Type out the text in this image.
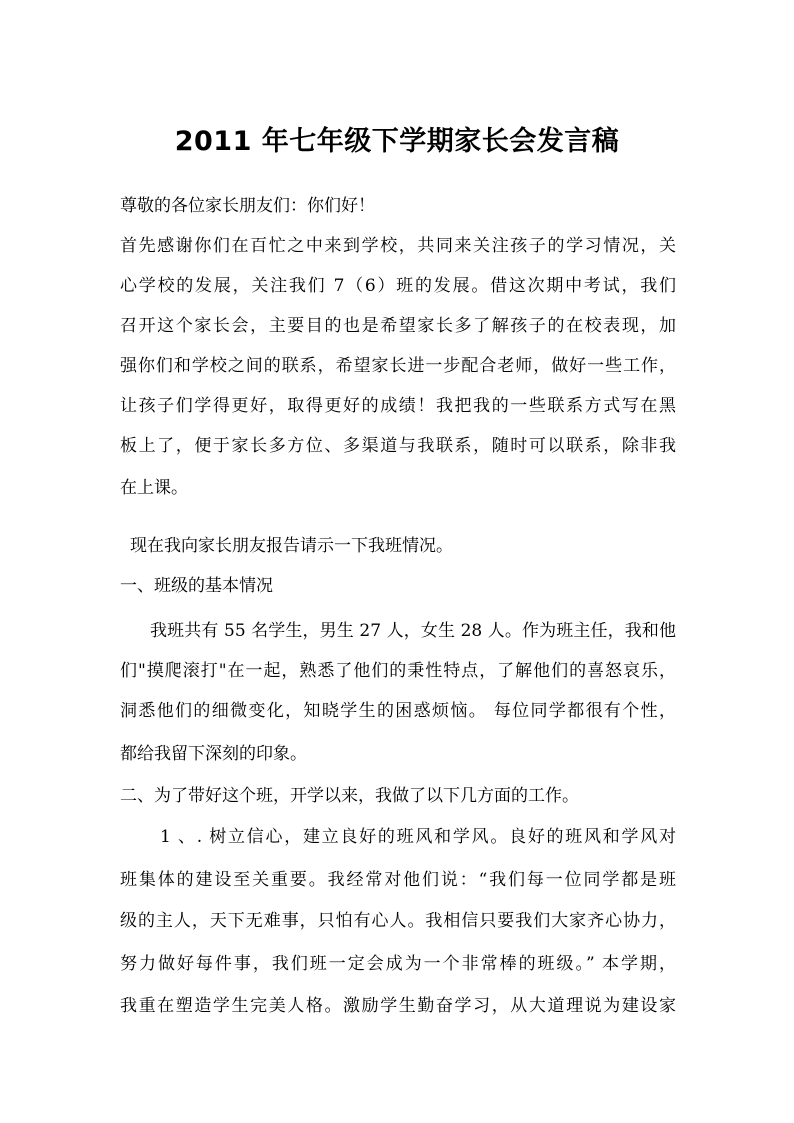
2011 年七年级下学期家长会发言稿
尊敬的各位家长朋友们：你们好！
首先感谢你们在百忙之中来到学校，共同来关注孩子的学习情况，关
心学校的发展，关注我们 7（6）班的发展。借这次期中考试，我们
召开这个家长会，主要目的也是希望家长多了解孩子的在校表现，加
强你们和学校之间的联系，希望家长进一步配合老师，做好一些工作，
让孩子们学得更好，取得更好的成绩！我把我的一些联系方式写在黑
板上了，便于家长多方位、多渠道与我联系，随时可以联系，除非我
在上课。
现在我向家长朋友报告请示一下我班情况。
一、班级的基本情况
我班共有 55 名学生，男生 27 人，女生 28 人。作为班主任，我和他
们"摸爬滚打"在一起，熟悉了他们的秉性特点，了解他们的喜怒哀乐，
洞悉他们的细微变化，知晓学生的困惑烦恼。 每位同学都很有个性，
都给我留下深刻的印象。
二、为了带好这个班，开学以来，我做了以下几方面的工作。
1 、. 树立信心，建立良好的班风和学风。良好的班风和学风对
班集体的建设至关重要。我经常对他们说：“我们每一位同学都是班
级的主人，天下无难事，只怕有心人。我相信只要我们大家齐心协力，
努力做好每件事，我们班一定会成为一个非常棒的班级。” 本学期，
我重在塑造学生完美人格。激励学生勤奋学习，从大道理说为建设家
